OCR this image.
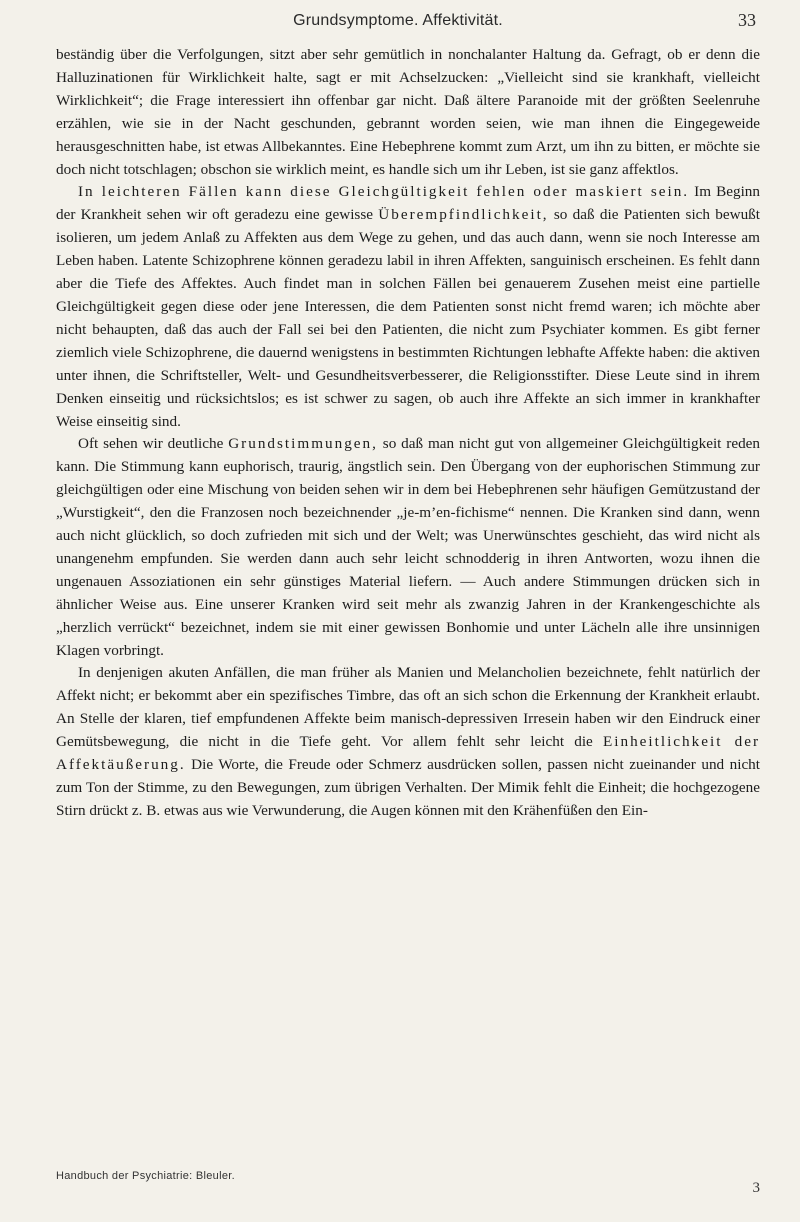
Grundsymptome. Affektivität.	33

beständig über die Verfolgungen, sitzt aber sehr gemütlich in nonchalanter Haltung da. Gefragt, ob er denn die Halluzinationen für Wirklichkeit halte, sagt er mit Achselzucken: „Vielleicht sind sie krankhaft, vielleicht Wirklichkeit“; die Frage interessiert ihn offenbar gar nicht. Daß ältere Paranoide mit der größten Seelenruhe erzählen, wie sie in der Nacht geschunden, gebrannt worden seien, wie man ihnen die Eingegeweide herausgeschnitten habe, ist etwas Allbekanntes. Eine Hebephrene kommt zum Arzt, um ihn zu bitten, er möchte sie doch nicht totschlagen; obschon sie wirklich meint, es handle sich um ihr Leben, ist sie ganz affektlos.

In leichteren Fällen kann diese Gleichgültigkeit fehlen oder maskiert sein. Im Beginn der Krankheit sehen wir oft geradezu eine gewisse Überempfindlichkeit, so daß die Patienten sich bewußt isolieren, um jedem Anlaß zu Affekten aus dem Wege zu gehen, und das auch dann, wenn sie noch Interesse am Leben haben. Latente Schizophrene können geradezu labil in ihren Affekten, sanguinisch erscheinen. Es fehlt dann aber die Tiefe des Affektes. Auch findet man in solchen Fällen bei genauerem Zusehen meist eine partielle Gleichgültigkeit gegen diese oder jene Interessen, die dem Patienten sonst nicht fremd waren; ich möchte aber nicht behaupten, daß das auch der Fall sei bei den Patienten, die nicht zum Psychiater kommen. Es gibt ferner ziemlich viele Schizophrene, die dauernd wenigstens in bestimmten Richtungen lebhafte Affekte haben: die aktiven unter ihnen, die Schriftsteller, Welt- und Gesundheitsverbesserer, die Religionsstifter. Diese Leute sind in ihrem Denken einseitig und rücksichtslos; es ist schwer zu sagen, ob auch ihre Affekte an sich immer in krankhafter Weise einseitig sind.

Oft sehen wir deutliche Grundstimmungen, so daß man nicht gut von allgemeiner Gleichgültigkeit reden kann. Die Stimmung kann euphorisch, traurig, ängstlich sein. Den Übergang von der euphorischen Stimmung zur gleichgültigen oder eine Mischung von beiden sehen wir in dem bei Hebephrenen sehr häufigen Gemützustand der „Wurstigkeit“, den die Franzosen noch bezeichnender „je-m’en-fichisme“ nennen. Die Kranken sind dann, wenn auch nicht glücklich, so doch zufrieden mit sich und der Welt; was Unerwünschtes geschieht, das wird nicht als unangenehm empfunden. Sie werden dann auch sehr leicht schnodderig in ihren Antworten, wozu ihnen die ungenauen Assoziationen ein sehr günstiges Material liefern. — Auch andere Stimmungen drücken sich in ähnlicher Weise aus. Eine unserer Kranken wird seit mehr als zwanzig Jahren in der Krankengeschichte als „herzlich verrückt“ bezeichnet, indem sie mit einer gewissen Bonhomie und unter Lächeln alle ihre unsinnigen Klagen vorbringt.

In denjenigen akuten Anfällen, die man früher als Manien und Melancholien bezeichnete, fehlt natürlich der Affekt nicht; er bekommt aber ein spezifisches Timbre, das oft an sich schon die Erkennung der Krankheit erlaubt. An Stelle der klaren, tief empfundenen Affekte beim manisch-depressiven Irresein haben wir den Eindruck einer Gemütsbewegung, die nicht in die Tiefe geht. Vor allem fehlt sehr leicht die Einheitlichkeit der Affektäußerung. Die Worte, die Freude oder Schmerz ausdrücken sollen, passen nicht zueinander und nicht zum Ton der Stimme, zu den Bewegungen, zum übrigen Verhalten. Der Mimik fehlt die Einheit; die hochgezogene Stirn drückt z. B. etwas aus wie Verwunderung, die Augen können mit den Krähenfüßen den Ein-

Handbuch der Psychiatrie: Bleuler.
3
